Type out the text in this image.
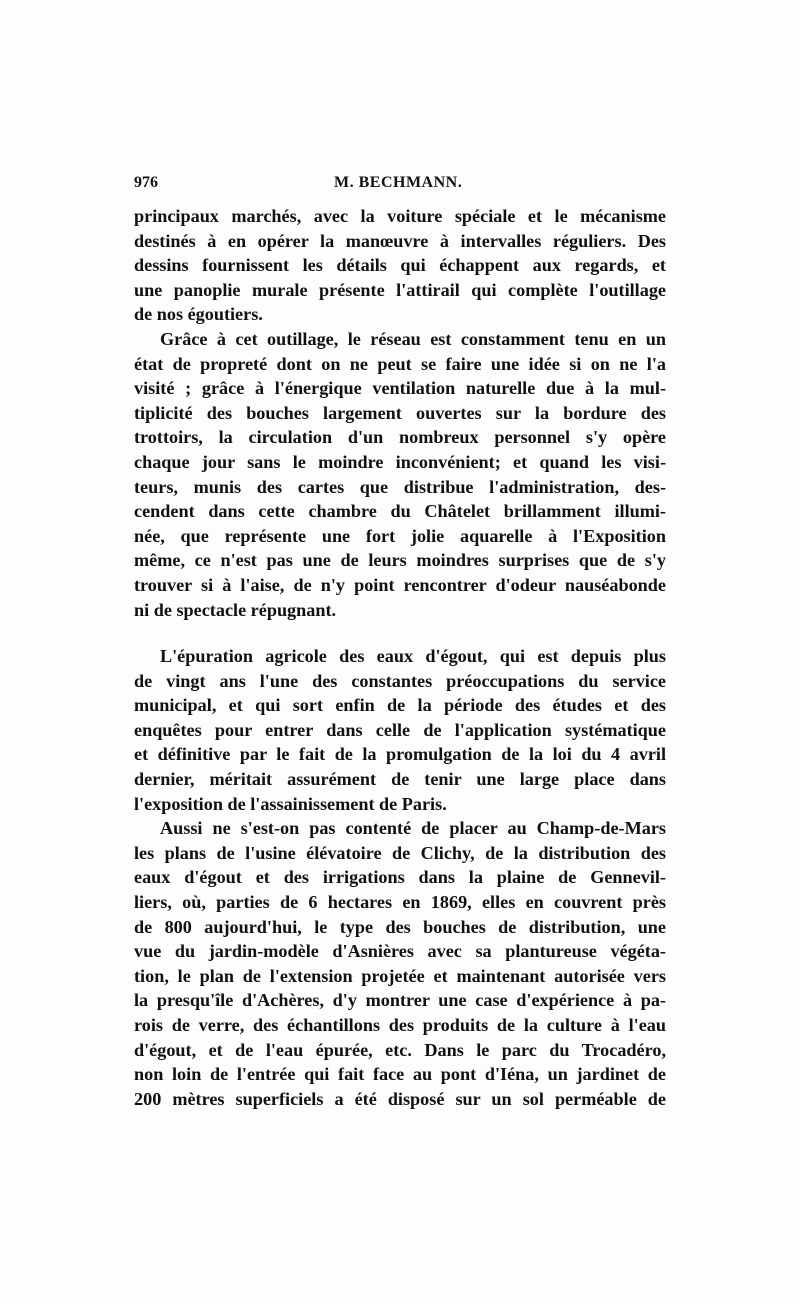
976	M. BECHMANN.
principaux marchés, avec la voiture spéciale et le mécanisme
destinés à en opérer la manœuvre à intervalles réguliers. Des
dessins fournissent les détails qui échappent aux regards, et
une panoplie murale présente l'attirail qui complète l'outillage
de nos égoutiers.
Grâce à cet outillage, le réseau est constamment tenu en un
état de propreté dont on ne peut se faire une idée si on ne l'a
visité ; grâce à l'énergique ventilation naturelle due à la mul-
tiplicité des bouches largement ouvertes sur la bordure des
trottoirs, la circulation d'un nombreux personnel s'y opère
chaque jour sans le moindre inconvénient; et quand les visi-
teurs, munis des cartes que distribue l'administration, des-
cendent dans cette chambre du Châtelet brillamment illumi-
née, que représente une fort jolie aquarelle à l'Exposition
même, ce n'est pas une de leurs moindres surprises que de s'y
trouver si à l'aise, de n'y point rencontrer d'odeur nauséabonde
ni de spectacle répugnant.
L'épuration agricole des eaux d'égout, qui est depuis plus
de vingt ans l'une des constantes préoccupations du service
municipal, et qui sort enfin de la période des études et des
enquêtes pour entrer dans celle de l'application systématique
et définitive par le fait de la promulgation de la loi du 4 avril
dernier, méritait assurément de tenir une large place dans
l'exposition de l'assainissement de Paris.
Aussi ne s'est-on pas contenté de placer au Champ-de-Mars
les plans de l'usine élévatoire de Clichy, de la distribution des
eaux d'égout et des irrigations dans la plaine de Gennevil-
liers, où, parties de 6 hectares en 1869, elles en couvrent près
de 800 aujourd'hui, le type des bouches de distribution, une
vue du jardin-modèle d'Asnières avec sa plantureuse végéta-
tion, le plan de l'extension projetée et maintenant autorisée vers
la presqu'île d'Achères, d'y montrer une case d'expérience à pa-
rois de verre, des échantillons des produits de la culture à l'eau
d'égout, et de l'eau épurée, etc. Dans le parc du Trocadéro,
non loin de l'entrée qui fait face au pont d'Iéna, un jardinet de
200 mètres superficiels a été disposé sur un sol perméable de
